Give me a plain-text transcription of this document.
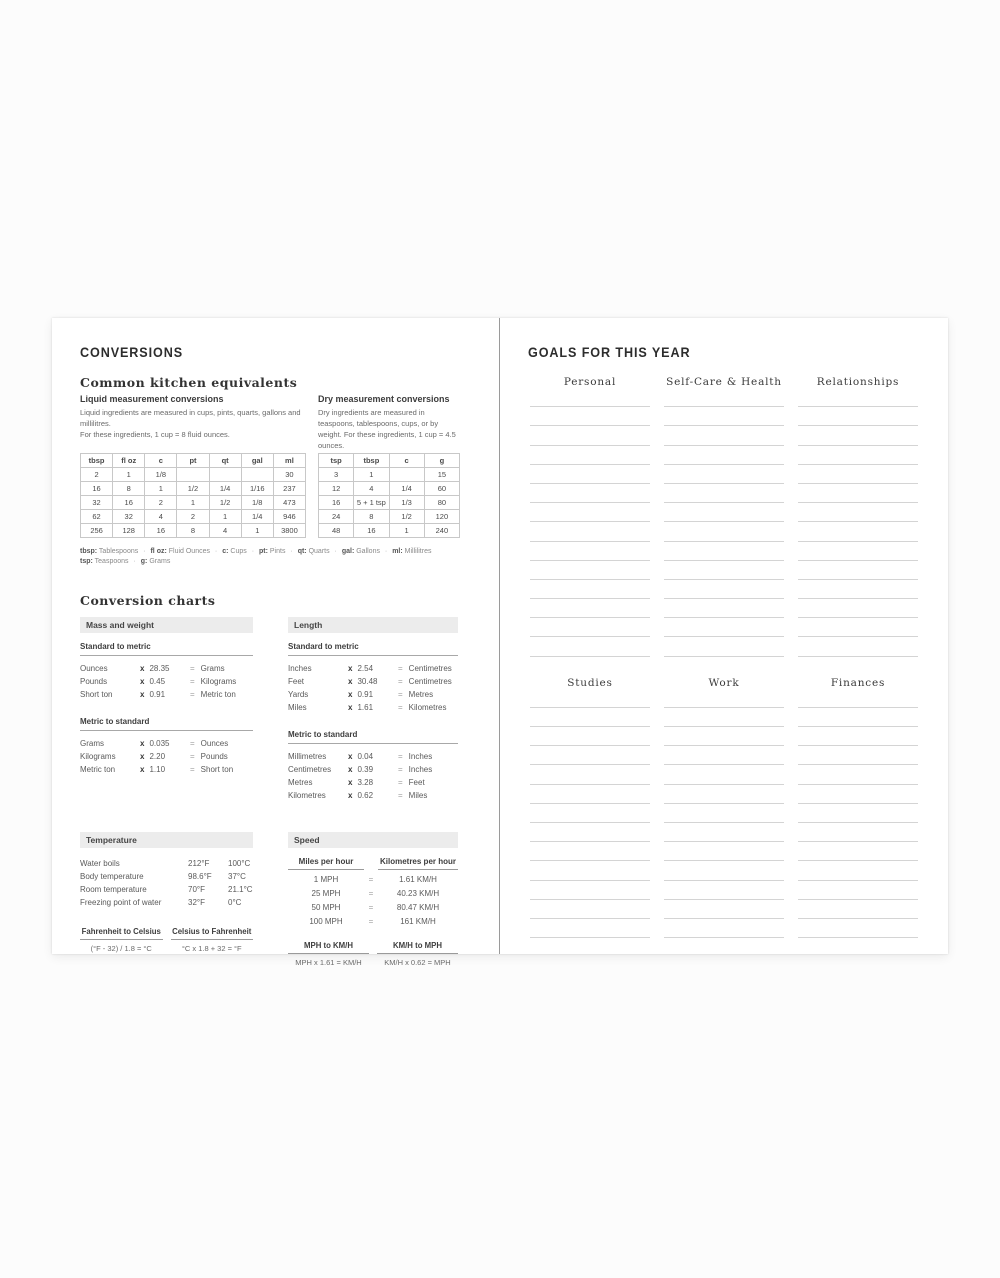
CONVERSIONS
Common kitchen equivalents
Liquid measurement conversions
Liquid ingredients are measured in cups, pints, quarts, gallons and millilitres.
For these ingredients, 1 cup = 8 fluid ounces.
tbsp	fl oz	c	pt	qt	gal	ml
2	1	1/8				30
16	8	1	1/2	1/4	1/16	237
32	16	2	1	1/2	1/8	473
62	32	4	2	1	1/4	946
256	128	16	8	4	1	3800
Dry measurement conversions
Dry ingredients are measured in teaspoons, tablespoons, cups, or by weight. For these ingredients, 1 cup = 4.5 ounces.
tsp	tbsp	c	g
3	1		15
12	4	1/4	60
16	5 + 1 tsp	1/3	80
24	8	1/2	120
48	16	1	240
tbsp: Tablespoons · fl oz: Fluid Ounces · c: Cups · pt: Pints · qt: Quarts · gal: Gallons · ml: Millilitres
tsp: Teaspoons · g: Grams
Conversion charts
Mass and weight
Standard to metric
Ounces	x 28.35	= Grams
Pounds	x 0.45	= Kilograms
Short ton	x 0.91	= Metric ton
Metric to standard
Grams	x 0.035	= Ounces
Kilograms	x 2.20	= Pounds
Metric ton	x 1.10	= Short ton
Length
Standard to metric
Inches	x 2.54	= Centimetres
Feet	x 30.48	= Centimetres
Yards	x 0.91	= Metres
Miles	x 1.61	= Kilometres
Metric to standard
Millimetres	x 0.04	= Inches
Centimetres	x 0.39	= Inches
Metres	x 3.28	= Feet
Kilometres	x 0.62	= Miles
Temperature
Water boils	212°F	100°C
Body temperature	98.6°F	37°C
Room temperature	70°F	21.1°C
Freezing point of water	32°F	0°C
Fahrenheit to Celsius
(°F - 32) / 1.8 = °C
Celsius to Fahrenheit
°C x 1.8 + 32 = °F
Speed
Miles per hour	Kilometres per hour
1 MPH	=	1.61 KM/H
25 MPH	=	40.23 KM/H
50 MPH	=	80.47 KM/H
100 MPH	=	161 KM/H
MPH to KM/H
MPH x 1.61 = KM/H
KM/H to MPH
KM/H x 0.62 = MPH
GOALS FOR THIS YEAR
Personal	Self-Care & Health	Relationships
Studies	Work	Finances
